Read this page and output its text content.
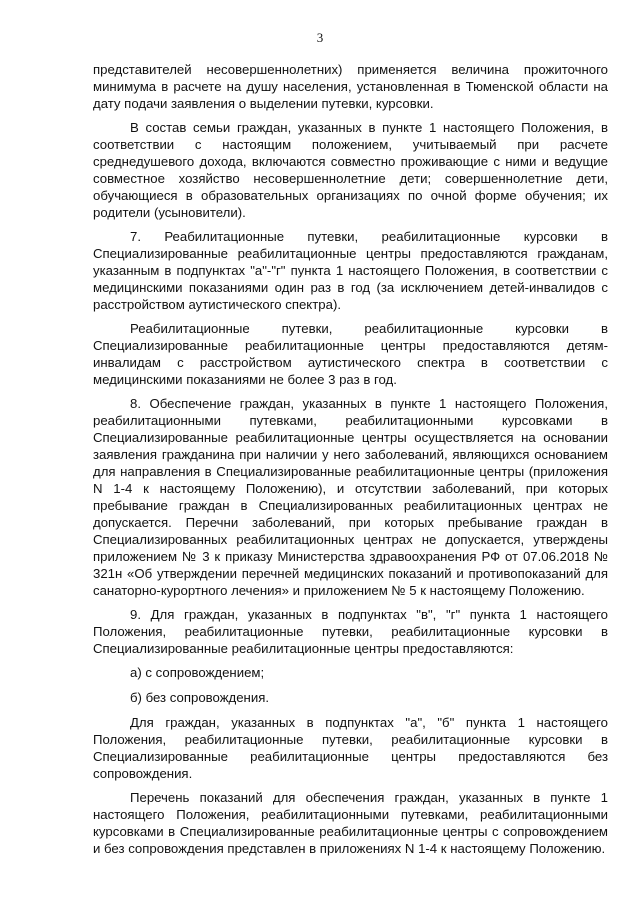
3

представителей несовершеннолетних) применяется величина прожиточного минимума в расчете на душу населения, установленная в Тюменской области на дату подачи заявления о выделении путевки, курсовки.

В состав семьи граждан, указанных в пункте 1 настоящего Положения, в соответствии с настоящим положением, учитываемый при расчете среднедушевого дохода, включаются совместно проживающие с ними и ведущие совместное хозяйство несовершеннолетние дети; совершеннолетние дети, обучающиеся в образовательных организациях по очной форме обучения; их родители (усыновители).

7. Реабилитационные путевки, реабилитационные курсовки в Специализированные реабилитационные центры предоставляются гражданам, указанным в подпунктах "а"-"г" пункта 1 настоящего Положения, в соответствии с медицинскими показаниями один раз в год (за исключением детей-инвалидов с расстройством аутистического спектра).

Реабилитационные путевки, реабилитационные курсовки в Специализированные реабилитационные центры предоставляются детям-инвалидам с расстройством аутистического спектра в соответствии с медицинскими показаниями не более 3 раз в год.

8. Обеспечение граждан, указанных в пункте 1 настоящего Положения, реабилитационными путевками, реабилитационными курсовками в Специализированные реабилитационные центры осуществляется на основании заявления гражданина при наличии у него заболеваний, являющихся основанием для направления в Специализированные реабилитационные центры (приложения N 1-4 к настоящему Положению), и отсутствии заболеваний, при которых пребывание граждан в Специализированных реабилитационных центрах не допускается. Перечни заболеваний, при которых пребывание граждан в Специализированных реабилитационных центрах не допускается, утверждены приложением № 3 к приказу Министерства здравоохранения РФ от 07.06.2018 № 321н «Об утверждении перечней медицинских показаний и противопоказаний для санаторно-курортного лечения» и приложением № 5 к настоящему Положению.

9. Для граждан, указанных в подпунктах "в", "г" пункта 1 настоящего Положения, реабилитационные путевки, реабилитационные курсовки в Специализированные реабилитационные центры предоставляются:

а) с сопровождением;

б) без сопровождения.

Для граждан, указанных в подпунктах "а", "б" пункта 1 настоящего Положения, реабилитационные путевки, реабилитационные курсовки в Специализированные реабилитационные центры предоставляются без сопровождения.

Перечень показаний для обеспечения граждан, указанных в пункте 1 настоящего Положения, реабилитационными путевками, реабилитационными курсовками в Специализированные реабилитационные центры с сопровождением и без сопровождения представлен в приложениях N 1-4 к настоящему Положению.
